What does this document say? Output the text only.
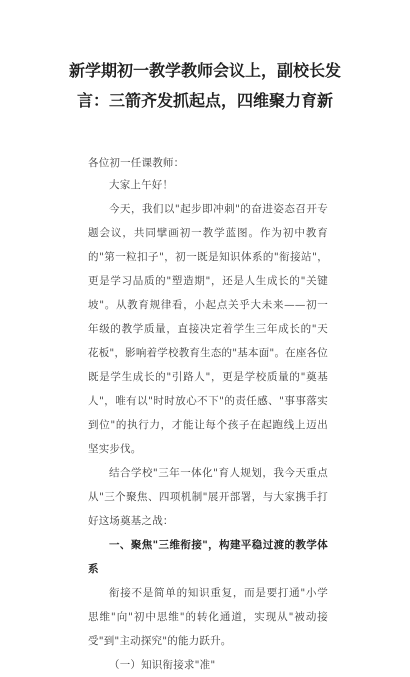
新学期初一教学教师会议上，副校长发
言：三箭齐发抓起点，四维聚力育新

各位初一任课教师：

大家上午好！

今天，我们以"起步即冲刺"的奋进姿态召开专题会议，共同擘画初一教学蓝图。作为初中教育的"第一粒扣子"，初一既是知识体系的"衔接站"，更是学习品质的"塑造期"，还是人生成长的"关键坡"。从教育规律看，小起点关乎大未来——初一年级的教学质量，直接决定着学生三年成长的"天花板"，影响着学校教育生态的"基本面"。在座各位既是学生成长的"引路人"，更是学校质量的"奠基人"，唯有以"时时放心不下"的责任感、"事事落实到位"的执行力，才能让每个孩子在起跑线上迈出坚实步伐。

结合学校"三年一体化"育人规划，我今天重点从"三个聚焦、四项机制"展开部署，与大家携手打好这场奠基之战：

一、聚焦"三维衔接"，构建平稳过渡的教学体系

衔接不是简单的知识重复，而是要打通"小学思维"向"初中思维"的转化通道，实现从"被动接受"到"主动探究"的能力跃升。

（一）知识衔接求"准"
